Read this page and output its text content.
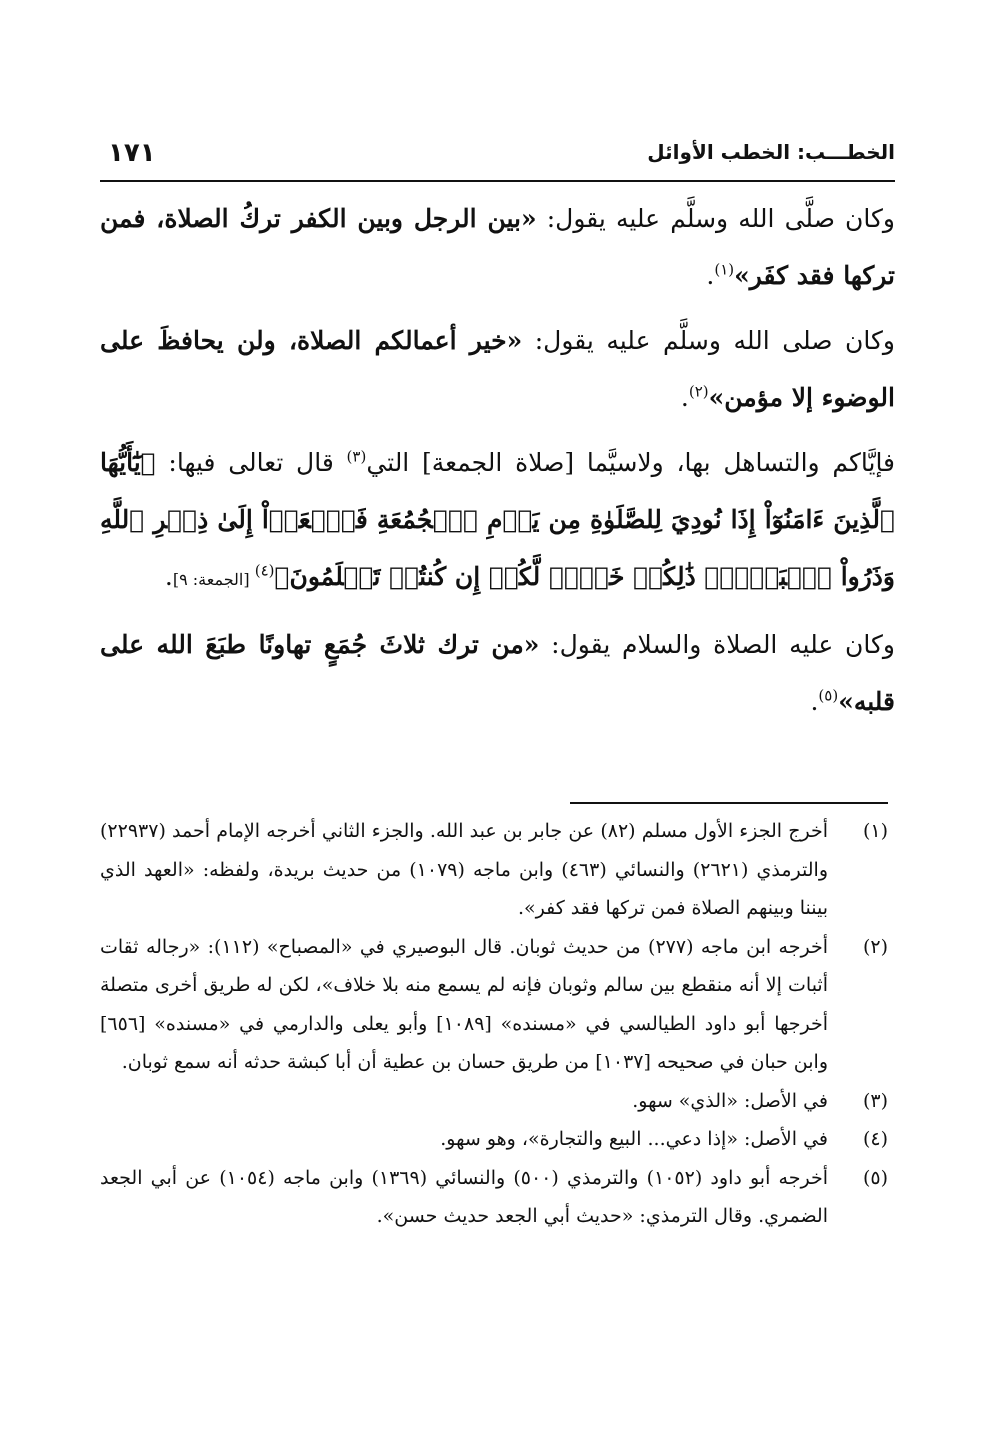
الخطـــب: الخطب الأوائل
١٧١

وكان صلَّى الله وسلَّم عليه يقول: «بين الرجل وبين الكفر تركُ الصلاة، فمن تركها فقد كفَر»$^{(١)}$.

وكان صلى الله وسلَّم عليه يقول: «خير أعمالكم الصلاة، ولن يحافظَ على الوضوء إلا مؤمن»$^{(٢)}$.

فإيَّاكم والتساهل بها، ولاسيَّما [صلاة الجمعة] التي$^{(٣)}$ قال تعالى فيها: ﴿يَٰٓأَيُّهَا ٱلَّذِينَ ءَامَنُوٓاْ إِذَا نُودِيَ لِلصَّلَوٰةِ مِن يَوۡمِ ٱلۡجُمُعَةِ فَٱسۡعَوۡاْ إِلَىٰ ذِكۡرِ ٱللَّهِ وَذَرُواْ ٱلۡبَيۡعَۚ ذَٰلِكُمۡ خَيۡرٞ لَّكُمۡ إِن كُنتُمۡ تَعۡلَمُونَ﴾$^{(٤)}$ [الجمعة: ٩].

وكان عليه الصلاة والسلام يقول: «من ترك ثلاثَ جُمَعٍ تهاونًا طبَعَ الله على قلبه»$^{(٥)}$.

(١)
أخرج الجزء الأول مسلم (٨٢) عن جابر بن عبد الله. والجزء الثاني أخرجه الإمام أحمد (٢٢٩٣٧) والترمذي (٢٦٢١) والنسائي (٤٦٣) وابن ماجه (١٠٧٩) من حديث بريدة، ولفظه: «العهد الذي بيننا وبينهم الصلاة فمن تركها فقد كفر».

(٢)
أخرجه ابن ماجه (٢٧٧) من حديث ثوبان. قال البوصيري في «المصباح» (١١٢): «رجاله ثقات أثبات إلا أنه منقطع بين سالم وثوبان فإنه لم يسمع منه بلا خلاف»، لكن له طريق أخرى متصلة أخرجها أبو داود الطيالسي في «مسنده» [١٠٨٩] وأبو يعلى والدارمي في «مسنده» [٦٥٦] وابن حبان في صحيحه [١٠٣٧] من طريق حسان بن عطية أن أبا كبشة حدثه أنه سمع ثوبان.

(٣)
في الأصل: «الذي» سهو.

(٤)
في الأصل: «إذا دعي... البيع والتجارة»، وهو سهو.

(٥)
أخرجه أبو داود (١٠٥٢) والترمذي (٥٠٠) والنسائي (١٣٦٩) وابن ماجه (١٠٥٤) عن أبي الجعد الضمري. وقال الترمذي: «حديث أبي الجعد حديث حسن».
